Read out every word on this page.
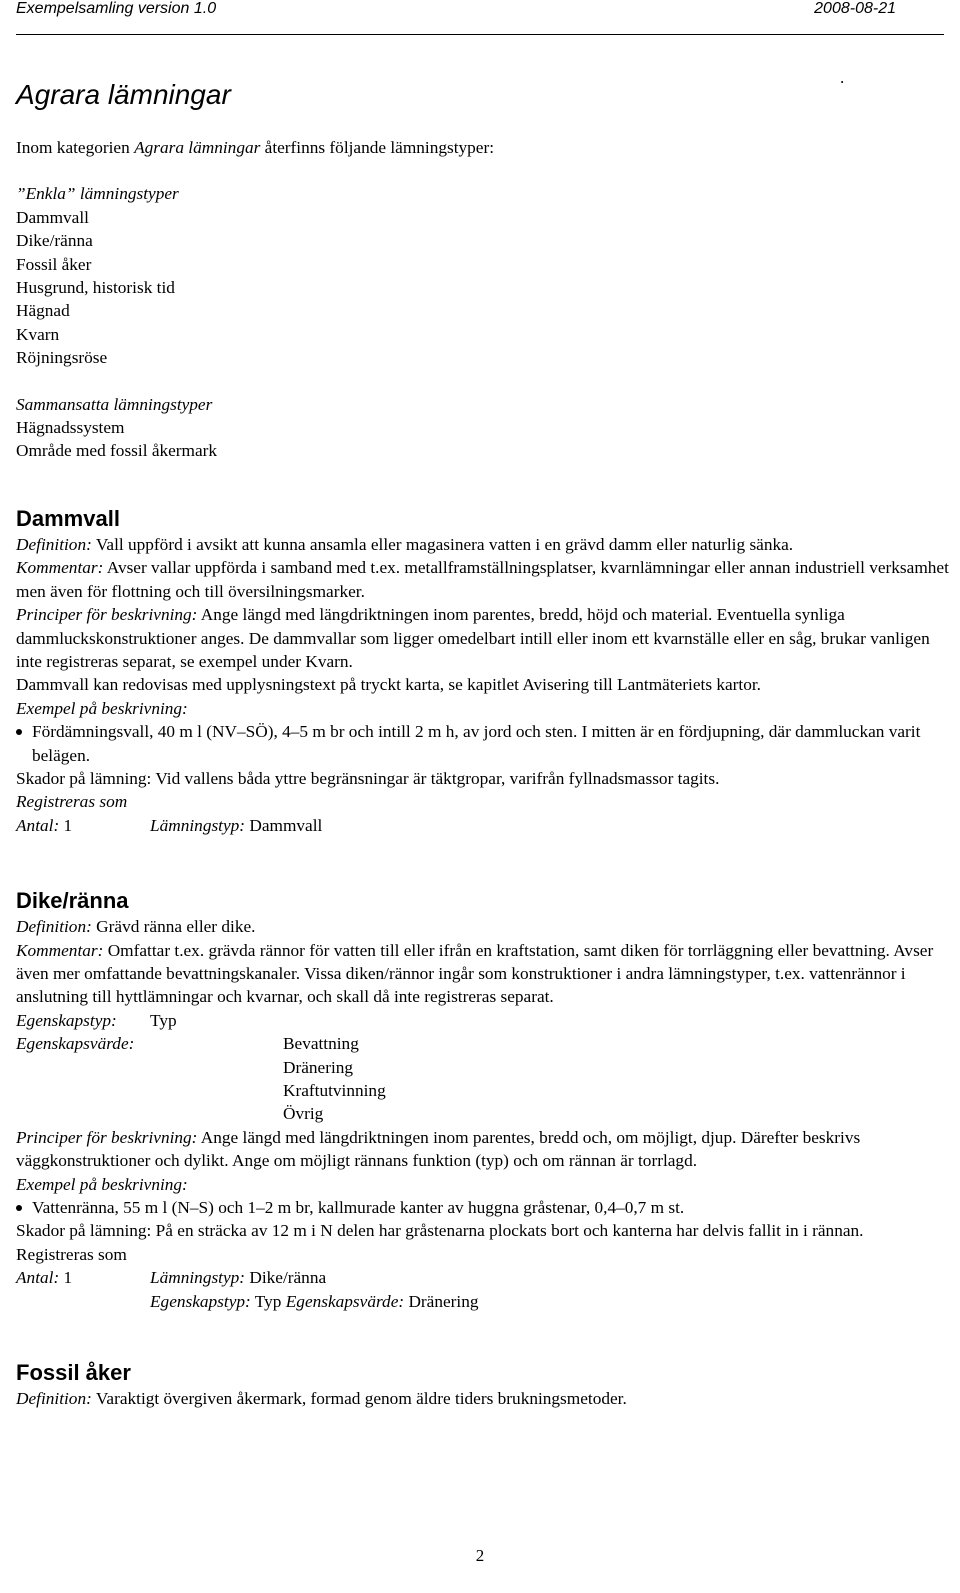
Exempelsamling version 1.0	2008-08-21
.
Agrara lämningar

Inom kategorien Agrara lämningar återfinns följande lämningstyper:

”Enkla” lämningstyper

Dammvall

Dike/ränna

Fossil åker

Husgrund, historisk tid

Hägnad

Kvarn

Röjningsröse

Sammansatta lämningstyper

Hägnadssystem

Område med fossil åkermark

Dammvall

Definition: Vall uppförd i avsikt att kunna ansamla eller magasinera vatten i en grävd damm eller naturlig sänka.

Kommentar: Avser vallar uppförda i samband med t.ex. metallframställningsplatser, kvarnlämningar eller annan industriell verksamhet men även för flottning och till översilningsmarker.

Principer för beskrivning: Ange längd med längdriktningen inom parentes, bredd, höjd och material. Eventuella synliga dammluckskonstruktioner anges. De dammvallar som ligger omedelbart intill eller inom ett kvarnställe eller en såg, brukar vanligen inte registreras separat, se exempel under Kvarn.

Dammvall kan redovisas med upplysningstext på tryckt karta, se kapitlet Avisering till Lantmäteriets kartor.

Exempel på beskrivning:

Fördämningsvall, 40 m l (NV–SÖ), 4–5 m br och intill 2 m h, av jord och sten. I mitten är en fördjupning, där dammluckan varit belägen.

Skador på lämning: Vid vallens båda yttre begränsningar är täktgropar, varifrån fyllnadsmassor tagits.

Registreras som

Antal: 1	Lämningstyp: Dammvall
Dike/ränna

Definition: Grävd ränna eller dike.

Kommentar: Omfattar t.ex. grävda rännor för vatten till eller ifrån en kraftstation, samt diken för torrläggning eller bevattning. Avser även mer omfattande bevattningskanaler. Vissa diken/rännor ingår som konstruktioner i andra lämningstyper, t.ex. vattenrännor i anslutning till hyttlämningar och kvarnar, och skall då inte registreras separat.

Egenskapstyp:	Typ

Egenskapsvärde:	Bevattning

Dränering

Kraftutvinning

Övrig

Principer för beskrivning: Ange längd med längdriktningen inom parentes, bredd och, om möjligt, djup. Därefter beskrivs väggkonstruktioner och dylikt. Ange om möjligt rännans funktion (typ) och om rännan är torrlagd.

Exempel på beskrivning:

Vattenränna, 55 m l (N–S) och 1–2 m br, kallmurade kanter av huggna gråstenar, 0,4–0,7 m st.

Skador på lämning: På en sträcka av 12 m i N delen har gråstenarna plockats bort och kanterna har delvis fallit in i rännan.

Registreras som

Antal: 1	Lämningstyp: Dike/ränna

Egenskapstyp: Typ Egenskapsvärde: Dränering

Fossil åker

Definition: Varaktigt övergiven åkermark, formad genom äldre tiders brukningsmetoder.

2
